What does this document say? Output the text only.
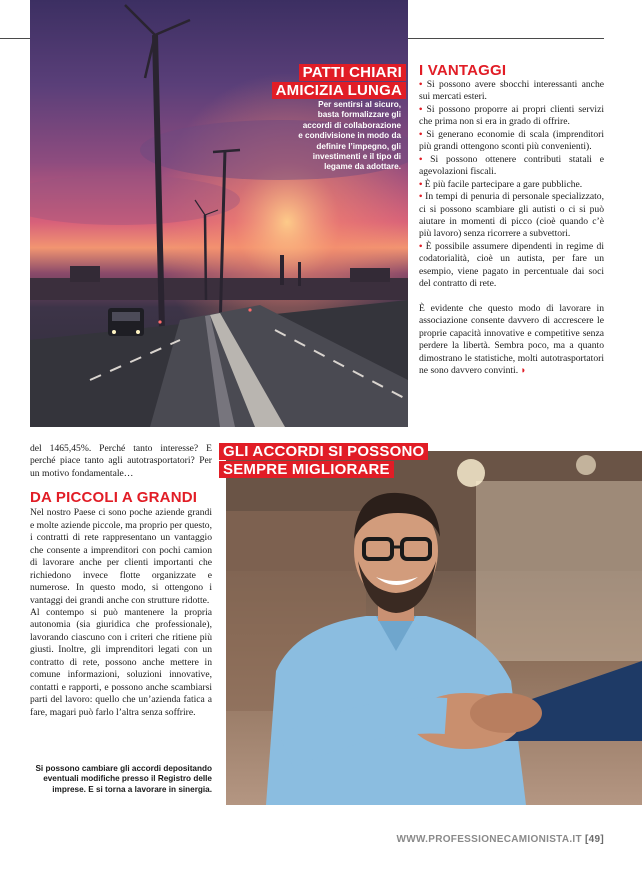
PATTI CHIARI
AMICIZIA LUNGA
Per sentirsi al sicuro, basta formalizzare gli accordi di collaborazione e condivisione in modo da definire l’impegno, gli investimenti e il tipo di legame da adottare.
I VANTAGGI

• Si possono avere sbocchi interessanti anche sui mercati esteri.

• Si possono proporre ai propri clienti servizi che prima non si era in grado di offrire.

• Si generano economie di scala (imprenditori più grandi ottengono sconti più convenienti).

• Si possono ottenere contributi statali e agevolazioni fiscali.

• È più facile partecipare a gare pubbliche.

• In tempi di penuria di personale specializzato, ci si possono scambiare gli autisti o ci si può aiutare in momenti di picco (cioè quando c’è più lavoro) senza ricorrere a subvettori.

• È possibile assumere dipendenti in regime di codatorialità, cioè un autista, per fare un esempio, viene pagato in percentuale dai soci del contratto di rete.

È evidente che questo modo di lavorare in associazione consente davvero di accrescere le proprie capacità innovative e competitive senza perdere la libertà. Sembra poco, ma a quanto dimostrano le statistiche, molti autotrasportatori ne sono davvero convinti. ◗

del 1465,45%. Perché tanto interesse? E perché piace tanto agli autotrasportatori? Per un motivo fondamentale…

DA PICCOLI A GRANDI

Nel nostro Paese ci sono poche aziende grandi e molte aziende piccole, ma proprio per questo, i contratti di rete rappresentano un vantaggio che consente a imprenditori con pochi camion di lavorare anche per clienti importanti che richiedono invece flotte organizzate e numerose. In questo modo, si ottengono i vantaggi dei grandi anche con strutture ridotte.

Al contempo si può mantenere la propria autonomia (sia giuridica che professionale), lavorando ciascuno con i criteri che ritiene più giusti. Inoltre, gli imprenditori legati con un contratto di rete, possono anche mettere in comune informazioni, soluzioni innovative, contatti e rapporti, e possono anche scambiarsi parti del lavoro: quello che un’azienda fatica a fare, magari può farlo l’altra senza soffrire.

GLI ACCORDI SI POSSONO
SEMPRE MIGLIORARE
Si possono cambiare gli accordi depositando eventuali modifiche presso il Registro delle imprese. E si torna a lavorare in sinergia.
WWW.PROFESSIONECAMIONISTA.IT [49]
